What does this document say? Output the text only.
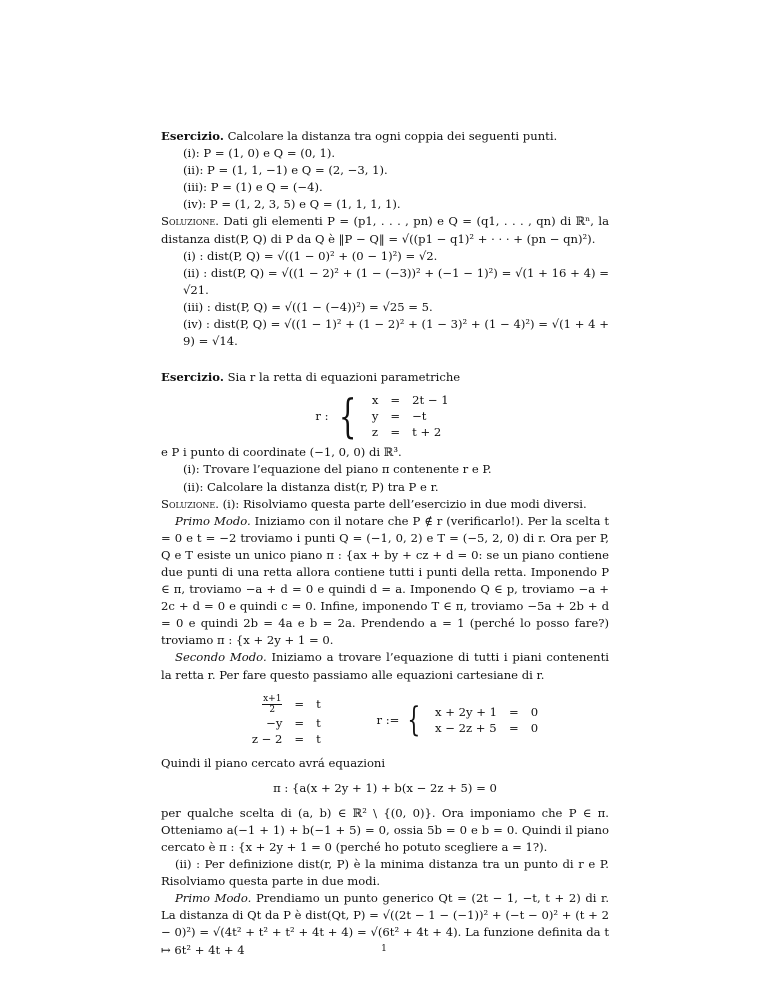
Esercizio. Calcolare la distanza tra ogni coppia dei seguenti punti.

(i): P = (1, 0) e Q = (0, 1).

(ii): P = (1, 1, −1) e Q = (2, −3, 1).

(iii): P = (1) e Q = (−4).

(iv): P = (1, 2, 3, 5) e Q = (1, 1, 1, 1).

Soluzione. Dati gli elementi P = (p1, . . . , pn) e Q = (q1, . . . , qn) di ℝⁿ, la distanza dist(P, Q) di P da Q è ‖P − Q‖ = √((p1 − q1)² + · · · + (pn − qn)²).

(i) : dist(P, Q) = √((1 − 0)² + (0 − 1)²) = √2.

(ii) : dist(P, Q) = √((1 − 2)² + (1 − (−3))² + (−1 − 1)²) = √(1 + 16 + 4) = √21.

(iii) : dist(P, Q) = √((1 − (−4))²) = √25 = 5.

(iv) : dist(P, Q) = √((1 − 1)² + (1 − 2)² + (1 − 3)² + (1 − 4)²) = √(1 + 4 + 9) = √14.

Esercizio. Sia r la retta di equazioni parametriche

r : { x	=	2t − 1
y	=	−t
z	=	t + 2

e P i punto di coordinate (−1, 0, 0) di ℝ³.

(i): Trovare l’equazione del piano π contenente r e P.

(ii): Calcolare la distanza dist(r, P) tra P e r.

Soluzione. (i): Risolviamo questa parte dell’esercizio in due modi diversi.

Primo Modo. Iniziamo con il notare che P ∉ r (verificarlo!). Per la scelta t = 0 e t = −2 troviamo i punti Q = (−1, 0, 2) e T = (−5, 2, 0) di r. Ora per P, Q e T esiste un unico piano π : {ax + by + cz + d = 0: se un piano contiene due punti di una retta allora contiene tutti i punti della retta. Imponendo P ∈ π, troviamo −a + d = 0 e quindi d = a. Imponendo Q ∈ p, troviamo −a + 2c + d = 0 e quindi c = 0. Infine, imponendo T ∈ π, troviamo −5a + 2b + d = 0 e quindi 2b = 4a e b = 2a. Prendendo a = 1 (perché lo posso fare?) troviamo π : {x + 2y + 1 = 0.

Secondo Modo. Iniziamo a trovare l’equazione di tutti i piani contenenti la retta r. Per fare questo passiamo alle equazioni cartesiane di r.

$\frac{x+1}{2}$	=	t
−y	=	t
z − 2	=	t
r := { x + 2y + 1	=	0
x − 2z + 5	=	0

Quindi il piano cercato avrá equazioni

π : {a(x + 2y + 1) + b(x − 2z + 5) = 0

per qualche scelta di (a, b) ∈ ℝ² \ {(0, 0)}. Ora imponiamo che P ∈ π. Otteniamo a(−1 + 1) + b(−1 + 5) = 0, ossia 5b = 0 e b = 0. Quindi il piano cercato è π : {x + 2y + 1 = 0 (perché ho potuto scegliere a = 1?).

(ii) : Per definizione dist(r, P) è la minima distanza tra un punto di r e P. Risolviamo questa parte in due modi.

Primo Modo. Prendiamo un punto generico Qt = (2t − 1, −t, t + 2) di r. La distanza di Qt da P è dist(Qt, P) = √((2t − 1 − (−1))² + (−t − 0)² + (t + 2 − 0)²) = √(4t² + t² + t² + 4t + 4) = √(6t² + 4t + 4). La funzione definita da t ↦ 6t² + 4t + 4	1
